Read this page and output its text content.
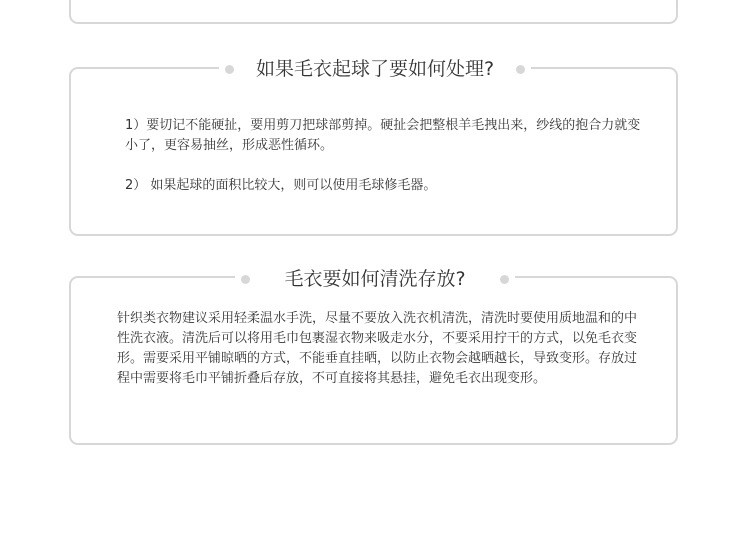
如果毛衣起球了要如何处理?

1）要切记不能硬扯，要用剪刀把球部剪掉。硬扯会把整根羊毛拽出来，纱线的抱合力就变小了，更容易抽丝，形成恶性循环。

2） 如果起球的面积比较大，则可以使用毛球修毛器。

毛衣要如何清洗存放?

针织类衣物建议采用轻柔温水手洗，尽量不要放入洗衣机清洗，清洗时要使用质地温和的中性洗衣液。清洗后可以将用毛巾包裹湿衣物来吸走水分，不要采用拧干的方式，以免毛衣变形。需要采用平铺晾晒的方式，不能垂直挂晒，以防止衣物会越晒越长，导致变形。存放过程中需要将毛巾平铺折叠后存放，不可直接将其悬挂，避免毛衣出现变形。
